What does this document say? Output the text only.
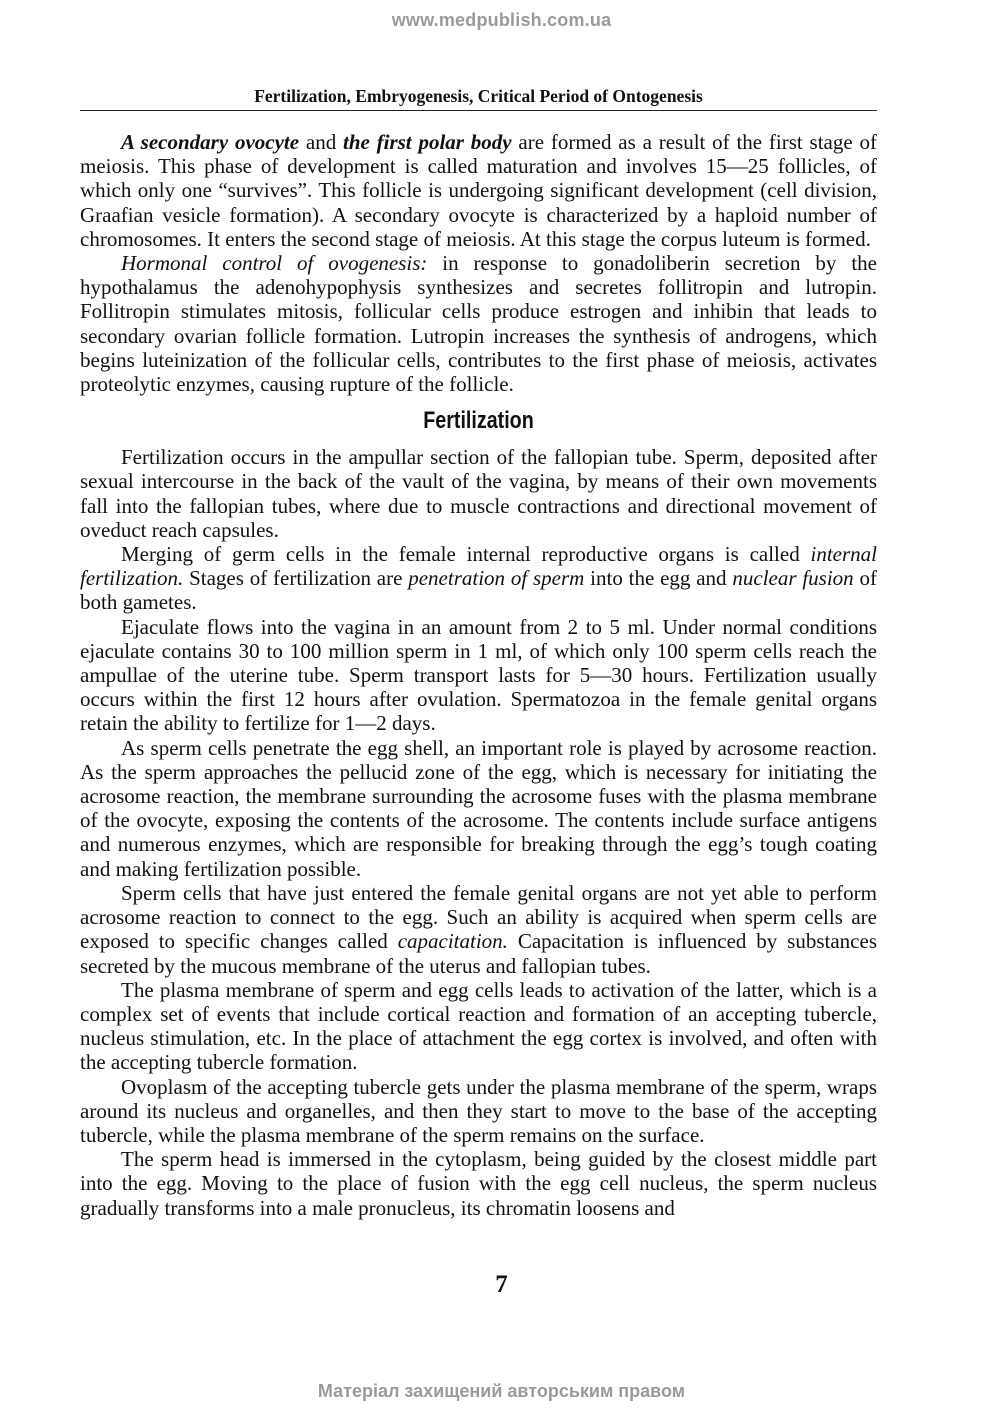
www.medpublish.com.ua
Fertilization, Embryogenesis, Critical Period of Ontogenesis

A secondary ovocyte and the first polar body are formed as a result of the first stage of meiosis. This phase of development is called maturation and involves 15—25 follicles, of which only one “survives”. This follicle is undergoing significant development (cell division, Graafian vesicle formation). A secondary ovocyte is characterized by a haploid number of chromosomes. It enters the second stage of meiosis. At this stage the corpus luteum is formed.

Hormonal control of ovogenesis: in response to gonadoliberin secretion by the hypothalamus the adenohypophysis synthesizes and secretes follitropin and lutropin. Follitropin stimulates mitosis, follicular cells produce estrogen and inhibin that leads to secondary ovarian follicle formation. Lutropin increases the synthesis of androgens, which begins luteinization of the follicular cells, contributes to the first phase of meiosis, activates proteolytic enzymes, causing rupture of the follicle.

Fertilization

Fertilization occurs in the ampullar section of the fallopian tube. Sperm, deposited after sexual intercourse in the back of the vault of the vagina, by means of their own movements fall into the fallopian tubes, where due to muscle contractions and directional movement of oveduct reach capsules.

Merging of germ cells in the female internal reproductive organs is called internal fertilization. Stages of fertilization are penetration of sperm into the egg and nuclear fusion of both gametes.

Ejaculate flows into the vagina in an amount from 2 to 5 ml. Under normal conditions ejaculate contains 30 to 100 million sperm in 1 ml, of which only 100 sperm cells reach the ampullae of the uterine tube. Sperm transport lasts for 5—30 hours. Fertilization usually occurs within the first 12 hours after ovulation. Spermatozoa in the female genital organs retain the ability to fertilize for 1—2 days.

As sperm cells penetrate the egg shell, an important role is played by acrosome reaction. As the sperm approaches the pellucid zone of the egg, which is necessary for initiating the acrosome reaction, the membrane surrounding the acrosome fuses with the plasma membrane of the ovocyte, exposing the contents of the acrosome. The contents include surface antigens and numerous enzymes, which are responsible for breaking through the egg’s tough coating and making fertilization possible.

Sperm cells that have just entered the female genital organs are not yet able to perform acrosome reaction to connect to the egg. Such an ability is acquired when sperm cells are exposed to specific changes called capacitation. Capacitation is influenced by substances secreted by the mucous membrane of the uterus and fallopian tubes.

The plasma membrane of sperm and egg cells leads to activation of the latter, which is a complex set of events that include cortical reaction and formation of an accepting tubercle, nucleus stimulation, etc. In the place of attachment the egg cortex is involved, and often with the accepting tubercle formation.

Ovoplasm of the accepting tubercle gets under the plasma membrane of the sperm, wraps around its nucleus and organelles, and then they start to move to the base of the accepting tubercle, while the plasma membrane of the sperm remains on the surface.

The sperm head is immersed in the cytoplasm, being guided by the closest middle part into the egg. Moving to the place of fusion with the egg cell nucleus, the sperm nucleus gradually transforms into a male pronucleus, its chromatin loosens and

7
Матеріал захищений авторським правом
